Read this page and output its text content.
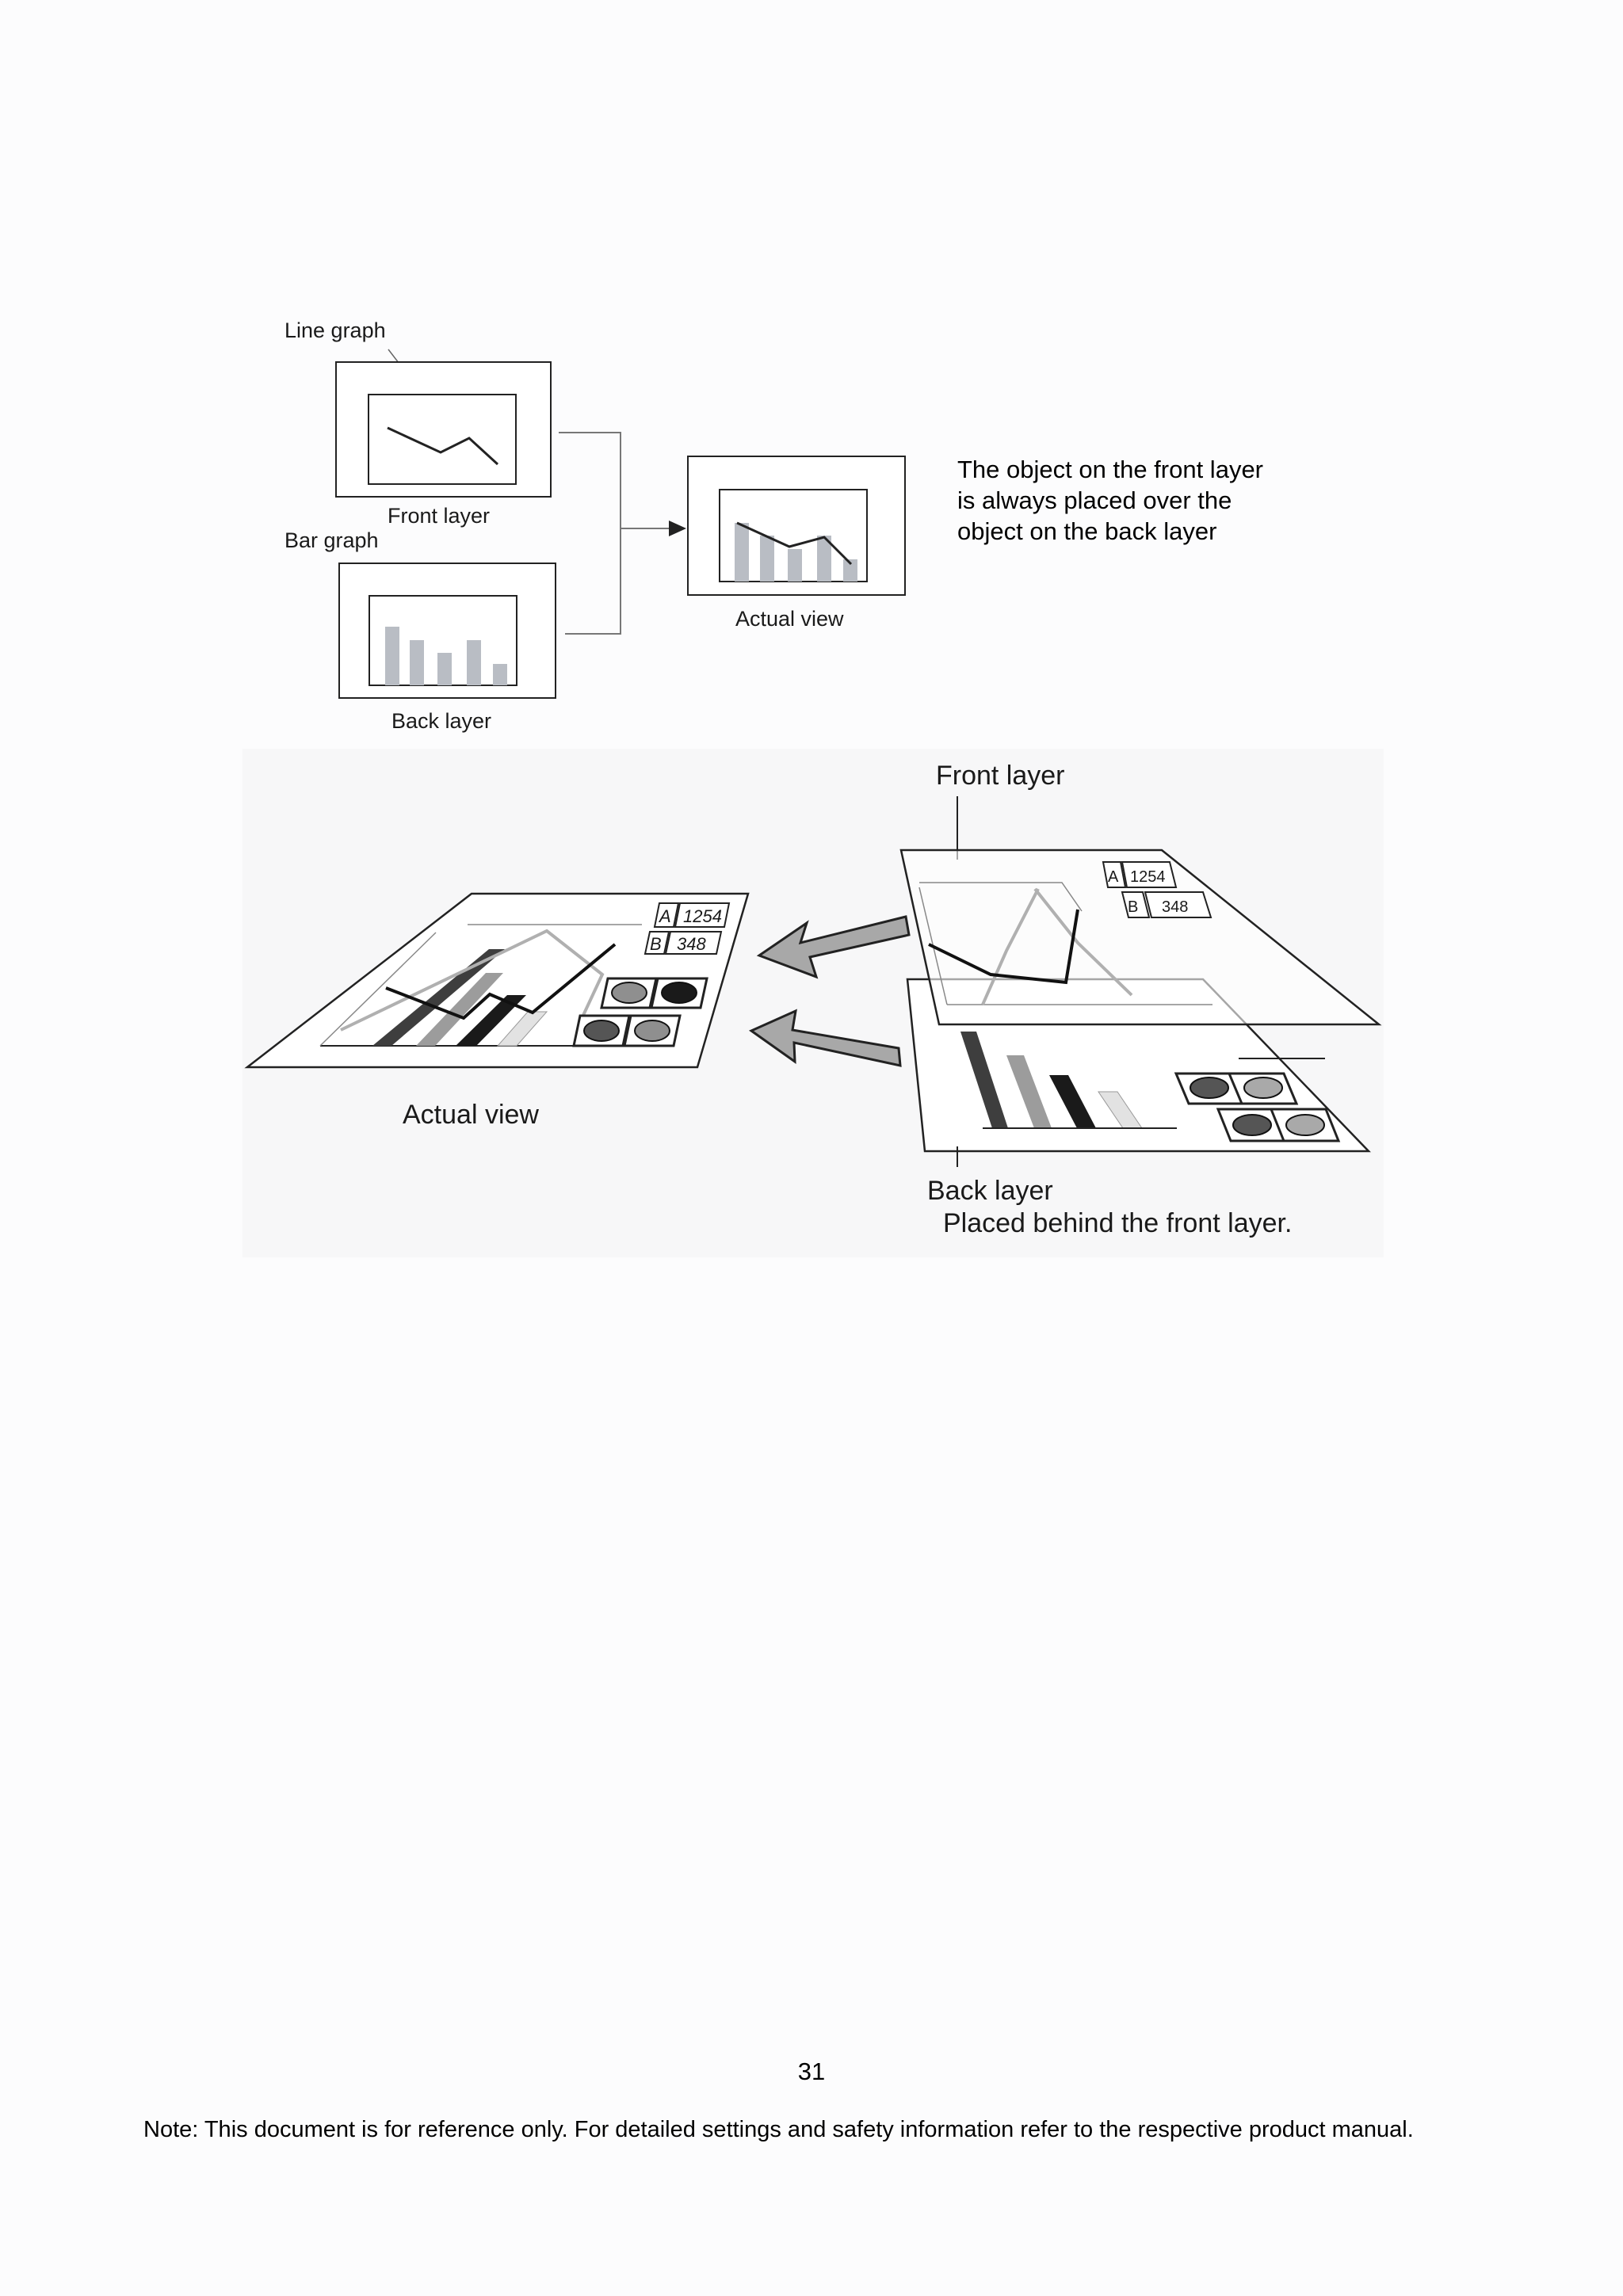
Line graph
Front layer
Bar graph
Back layer
Actual view
Front layer
A 1254
B 348
Back layer
Placed behind the front layer.
A 1254
B 348
Actual view
The object on the front layer
is always placed over the
object on the back layer
31
Note: This document is for reference only. For detailed settings and safety information refer to the respective product manual.
